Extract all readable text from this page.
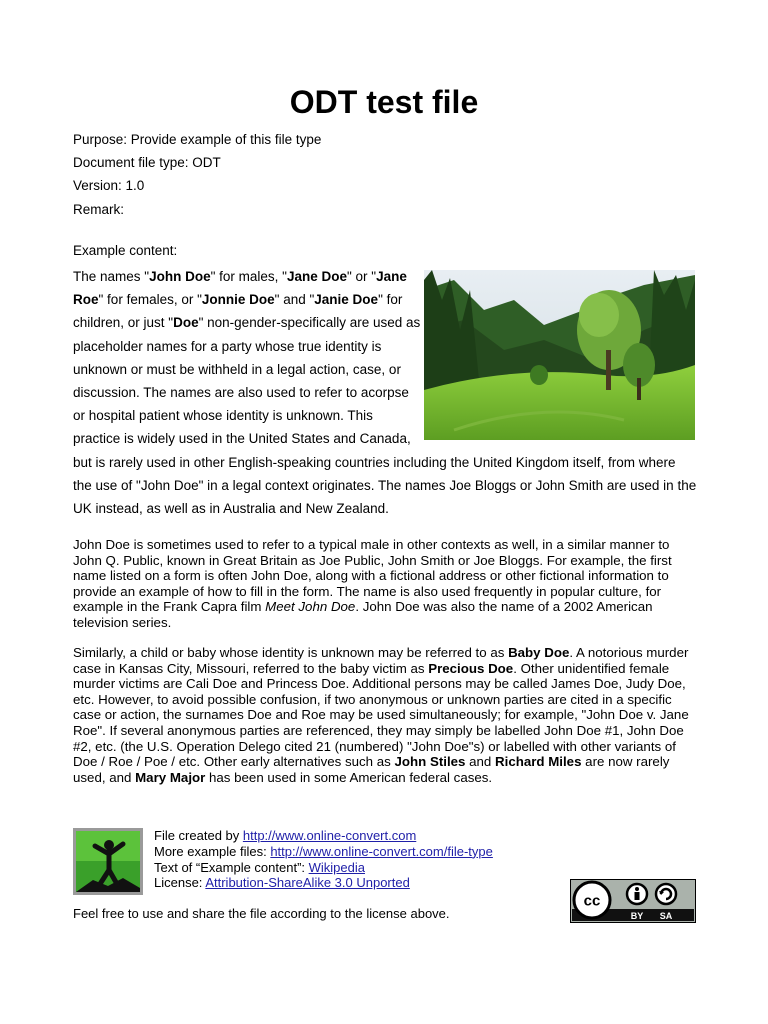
ODT test file
Purpose: Provide example of this file type
Document file type: ODT
Version: 1.0
Remark:
Example content:

The names "John Doe" for males, "Jane Doe" or "Jane Roe" for females, or "Jonnie Doe" and "Janie Doe" for children, or just "Doe" non-gender-specifically are used as placeholder names for a party whose true identity is unknown or must be withheld in a legal action, case, or discussion. The names are also used to refer to acorpse or hospital patient whose identity is unknown. This practice is widely used in the United States and Canada, but is rarely used in other English-speaking countries including the United Kingdom itself, from where the use of "John Doe" in a legal context originates. The names Joe Bloggs or John Smith are used in the UK instead, as well as in Australia and New Zealand.

John Doe is sometimes used to refer to a typical male in other contexts as well, in a similar manner to John Q. Public, known in Great Britain as Joe Public, John Smith or Joe Bloggs. For example, the first name listed on a form is often John Doe, along with a fictional address or other fictional information to provide an example of how to fill in the form. The name is also used frequently in popular culture, for example in the Frank Capra film Meet John Doe. John Doe was also the name of a 2002 American television series.

Similarly, a child or baby whose identity is unknown may be referred to as Baby Doe. A notorious murder case in Kansas City, Missouri, referred to the baby victim as Precious Doe. Other unidentified female murder victims are Cali Doe and Princess Doe. Additional persons may be called James Doe, Judy Doe, etc. However, to avoid possible confusion, if two anonymous or unknown parties are cited in a specific case or action, the surnames Doe and Roe may be used simultaneously; for example, "John Doe v. Jane Roe". If several anonymous parties are referenced, they may simply be labelled John Doe #1, John Doe #2, etc. (the U.S. Operation Delego cited 21 (numbered) "John Doe"s) or labelled with other variants of Doe / Roe / Poe / etc. Other early alternatives such as John Stiles and Richard Miles are now rarely used, and Mary Major has been used in some American federal cases.

File created by http://www.online-convert.com
More example files: http://www.online-convert.com/file-type
Text of “Example content”: Wikipedia
License: Attribution-ShareAlike 3.0 Unported
Feel free to use and share the file according to the license above.
cc
BY SA
